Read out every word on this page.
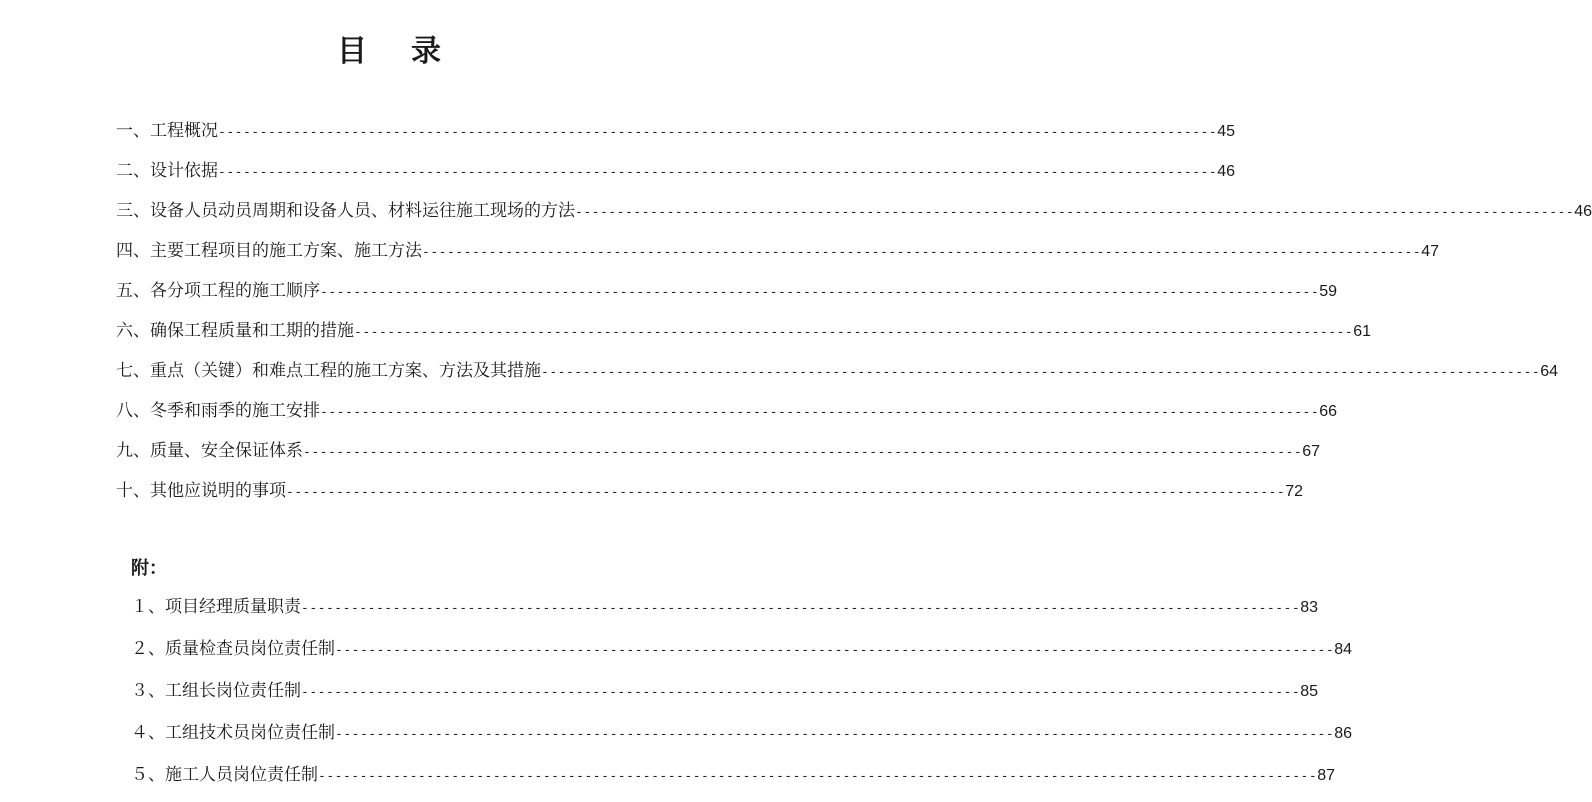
目 录
一、工程概况 ------------------------------------------------------------------------------------------------------------------------ 45
二、设计依据 ------------------------------------------------------------------------------------------------------------------------ 46
三、设备人员动员周期和设备人员、材料运往施工现场的方法 ------------------------------------------------------------------------------------------------------------------------ 46
四、主要工程项目的施工方案、施工方法 ------------------------------------------------------------------------------------------------------------------------ 47
五、各分项工程的施工顺序 ------------------------------------------------------------------------------------------------------------------------ 59
六、确保工程质量和工期的措施 ------------------------------------------------------------------------------------------------------------------------ 61
七、重点（关键）和难点工程的施工方案、方法及其措施 ------------------------------------------------------------------------------------------------------------------------ 64
八、冬季和雨季的施工安排 ------------------------------------------------------------------------------------------------------------------------ 66
九、质量、安全保证体系 ------------------------------------------------------------------------------------------------------------------------ 67
十、其他应说明的事项 ------------------------------------------------------------------------------------------------------------------------ 72
附：
１、项目经理质量职责 ------------------------------------------------------------------------------------------------------------------------ 83
２、质量检查员岗位责任制 ------------------------------------------------------------------------------------------------------------------------ 84
３、工组长岗位责任制 ------------------------------------------------------------------------------------------------------------------------ 85
４、工组技术员岗位责任制 ------------------------------------------------------------------------------------------------------------------------ 86
５、施工人员岗位责任制 ------------------------------------------------------------------------------------------------------------------------ 87
